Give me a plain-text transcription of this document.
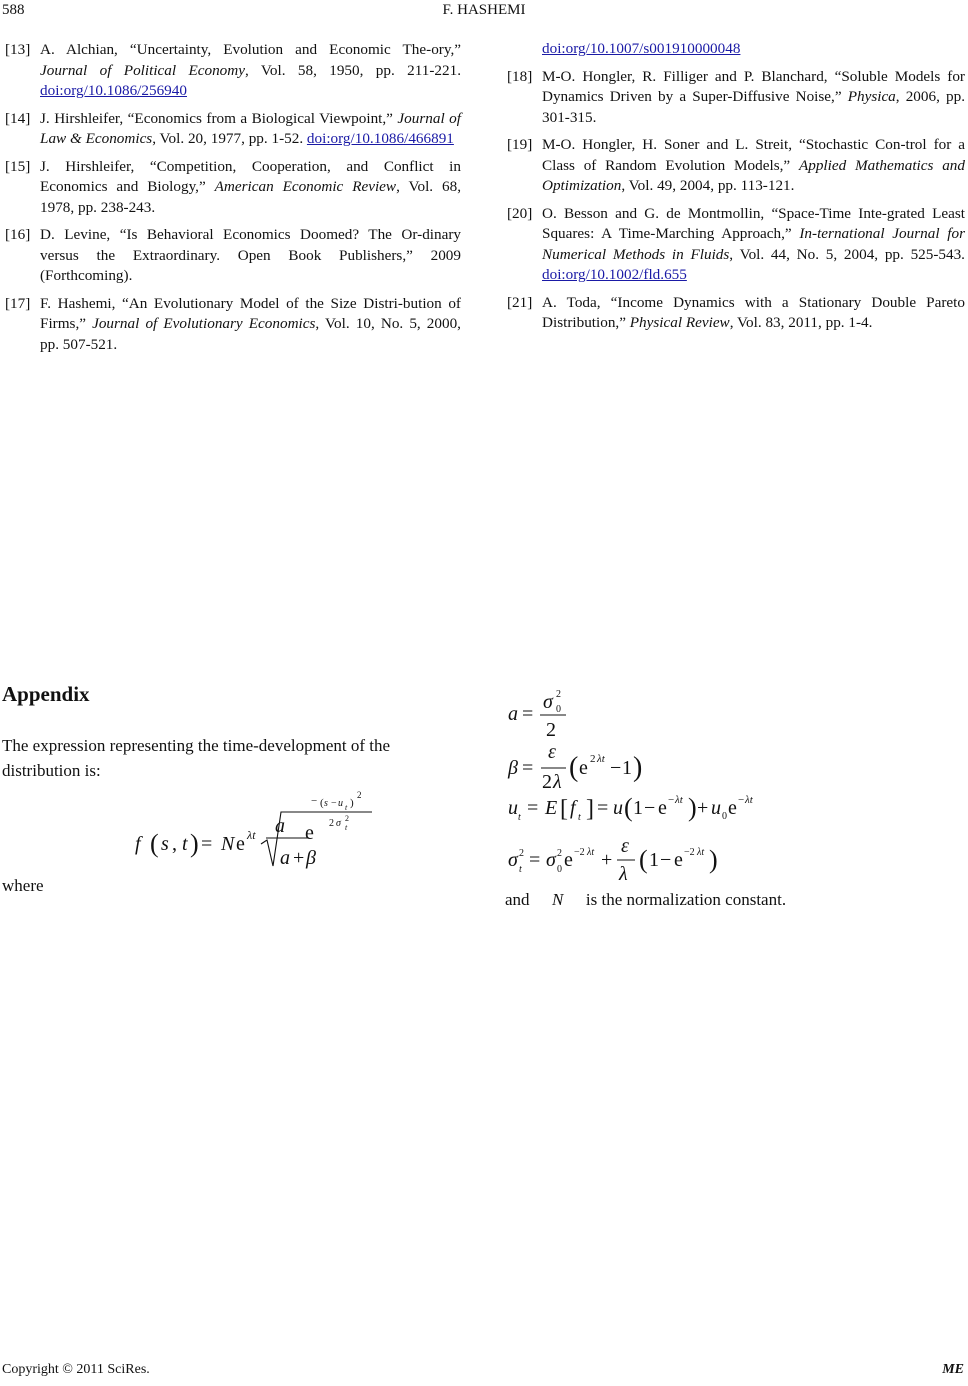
588	F. HASHEMI
[13] A. Alchian, “Uncertainty, Evolution and Economic The-ory,” Journal of Political Economy, Vol. 58, 1950, pp. 211-221. doi:org/10.1086/256940
[14] J. Hirshleifer, “Economics from a Biological Viewpoint,” Journal of Law & Economics, Vol. 20, 1977, pp. 1-52. doi:org/10.1086/466891
[15] J. Hirshleifer, “Competition, Cooperation, and Conflict in Economics and Biology,” American Economic Review, Vol. 68, 1978, pp. 238-243.
[16] D. Levine, “Is Behavioral Economics Doomed? The Or-dinary versus the Extraordinary. Open Book Publishers,” 2009 (Forthcoming).
[17] F. Hashemi, “An Evolutionary Model of the Size Distri-bution of Firms,” Journal of Evolutionary Economics, Vol. 10, No. 5, 2000, pp. 507-521.
doi:org/10.1007/s001910000048
[18] M-O. Hongler, R. Filliger and P. Blanchard, “Soluble Models for Dynamics Driven by a Super-Diffusive Noise,” Physica, 2006, pp. 301-315.
[19] M-O. Hongler, H. Soner and L. Streit, “Stochastic Con-trol for a Class of Random Evolution Models,” Applied Mathematics and Optimization, Vol. 49, 2004, pp. 113-121.
[20] O. Besson and G. de Montmollin, “Space-Time Inte-grated Least Squares: A Time-Marching Approach,” In-ternational Journal for Numerical Methods in Fluids, Vol. 44, No. 5, 2004, pp. 525-543. doi:org/10.1002/fld.655
[21] A. Toda, “Income Dynamics with a Stationary Double Pareto Distribution,” Physical Review, Vol. 83, 2011, pp. 1-4.
Appendix
The expression representing the time-development of the distribution is:
f ( s , t ) = N e λt a
a + β
e
− ( s − u t )
2
2 σ 2
t
where
a =
σ 2
0
2
β =
ε
2 λ ( e 2 λt − 1 )
u t = E [ f t ] = u ( 1 − e − λt ) + u 0 e − λt
σ 2
t = σ 2
0 e −2 λt +
ε
λ ( 1 − e −2 λt )
and N is the normalization constant.
Copyright © 2011 SciRes.	ME
